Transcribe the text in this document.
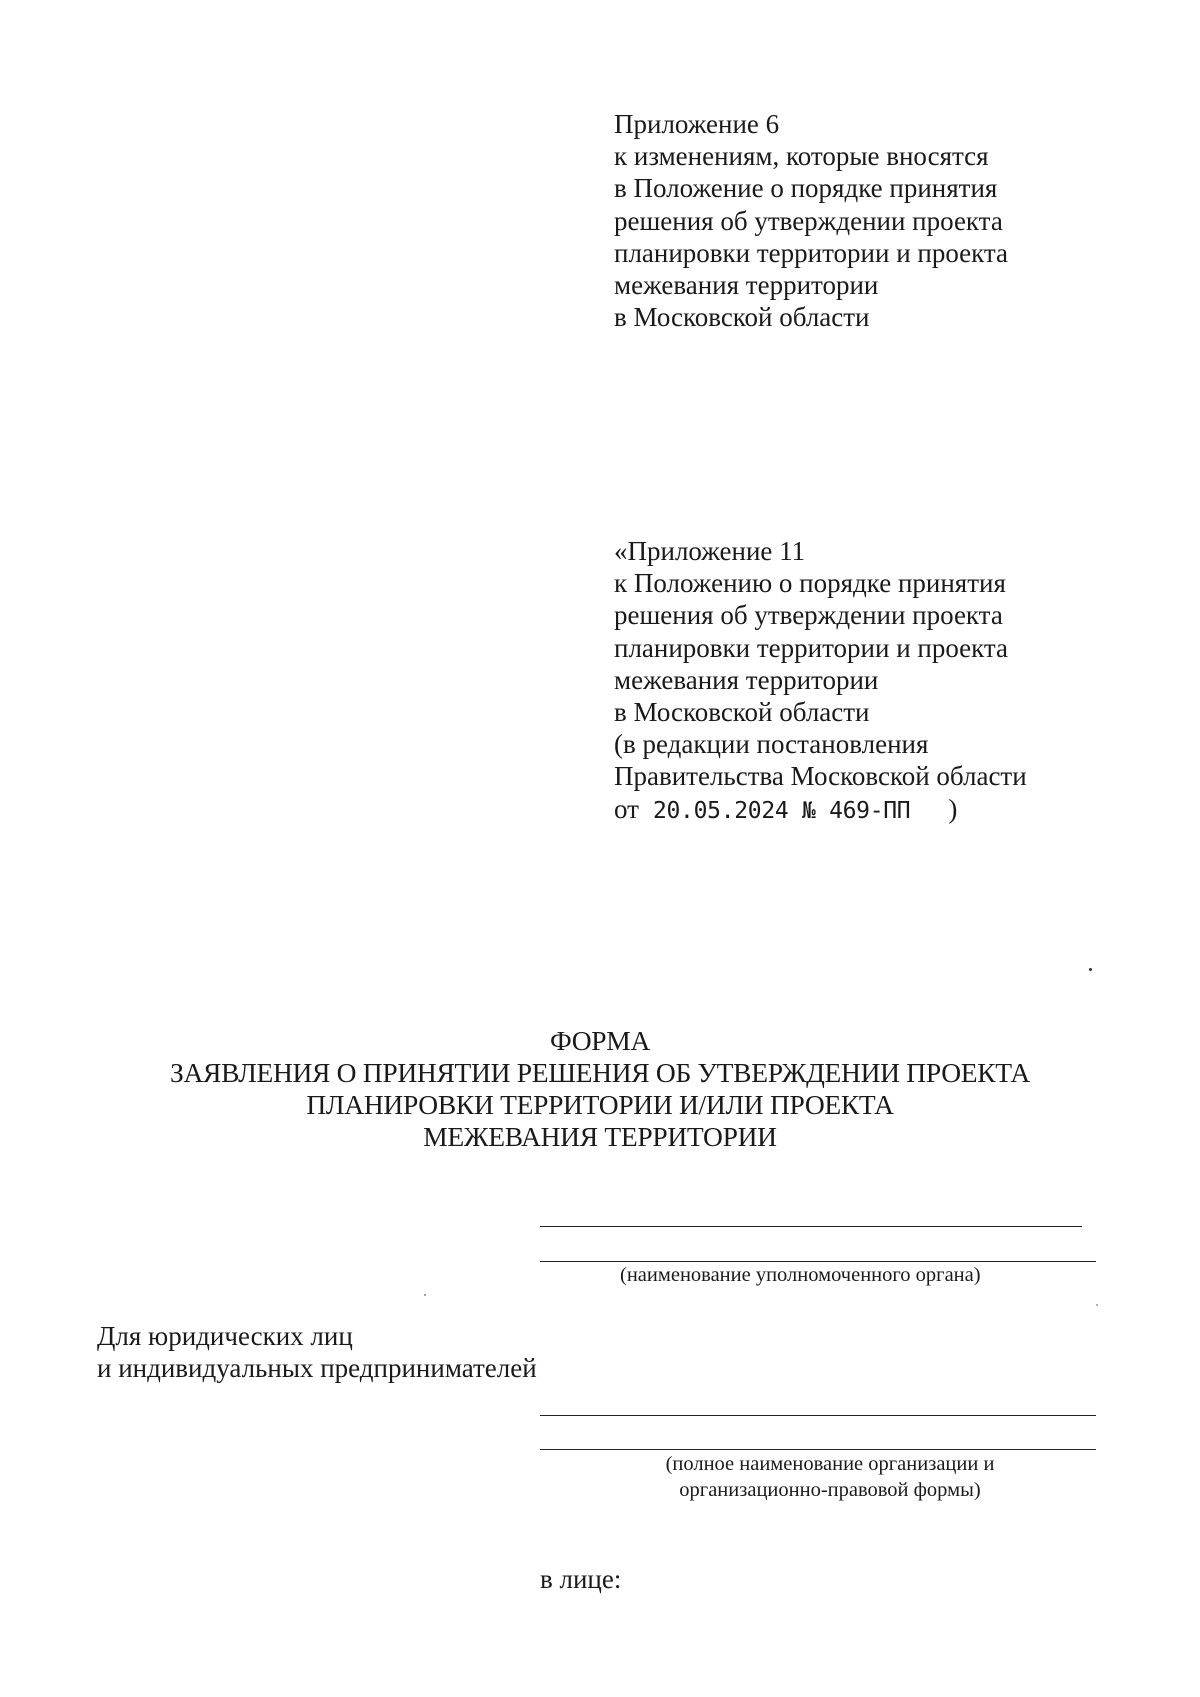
Приложение 6
к изменениям, которые вносятся
в Положение о порядке принятия
решения об утверждении проекта
планировки территории и проекта
межевания территории
в Московской области
«Приложение 11
к Положению о порядке принятия
решения об утверждении проекта
планировки территории и проекта
межевания территории
в Московской области
(в редакции постановления
Правительства Московской области
от 20.05.2024 № 469-ПП )
ФОРМА
ЗАЯВЛЕНИЯ О ПРИНЯТИИ РЕШЕНИЯ ОБ УТВЕРЖДЕНИИ ПРОЕКТА
ПЛАНИРОВКИ ТЕРРИТОРИИ И/ИЛИ ПРОЕКТА
МЕЖЕВАНИЯ ТЕРРИТОРИИ
(наименование уполномоченного органа)
Для юридических лиц
и индивидуальных предпринимателей
(полное наименование организации и
организационно-правовой формы)
в лице:
